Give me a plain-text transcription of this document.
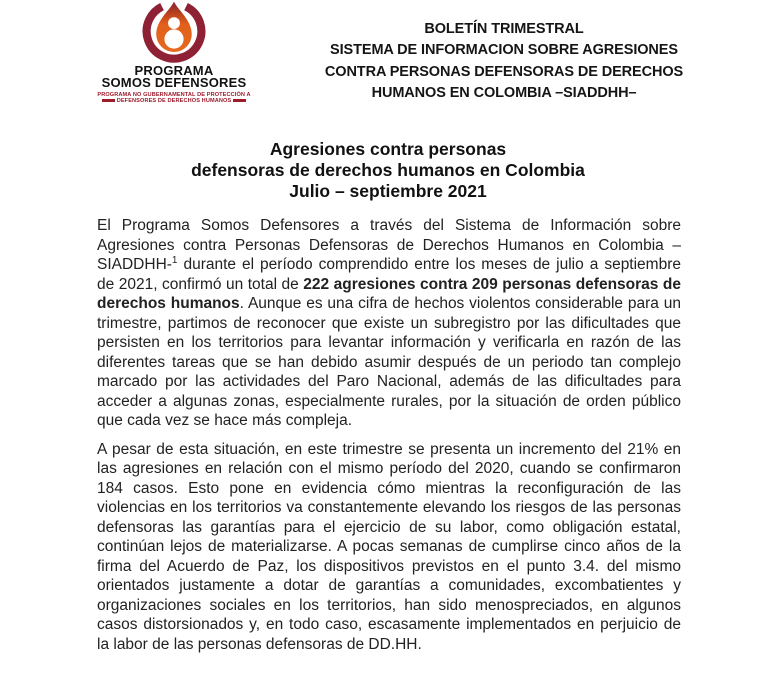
PROGRAMA
SOMOS DEFENSORES
PROGRAMA NO GUBERNAMENTAL DE PROTECCIÓN A
DEFENSORES DE DERECHOS HUMANOS
BOLETÍN TRIMESTRAL
SISTEMA DE INFORMACION SOBRE AGRESIONES
CONTRA PERSONAS DEFENSORAS DE DERECHOS
HUMANOS EN COLOMBIA –SIADDHH–
Agresiones contra personas
defensoras de derechos humanos en Colombia
Julio – septiembre 2021

El Programa Somos Defensores a través del Sistema de Información sobre Agresiones contra Personas Defensoras de Derechos Humanos en Colombia – SIADDHH-$^1$ durante el período comprendido entre los meses de julio a septiembre de 2021, confirmó un total de 222 agresiones contra 209 personas defensoras de derechos humanos. Aunque es una cifra de hechos violentos considerable para un trimestre, partimos de reconocer que existe un subregistro por las dificultades que persisten en los territorios para levantar información y verificarla en razón de las diferentes tareas que se han debido asumir después de un periodo tan complejo marcado por las actividades del Paro Nacional, además de las dificultades para acceder a algunas zonas, especialmente rurales, por la situación de orden público que cada vez se hace más compleja.

A pesar de esta situación, en este trimestre se presenta un incremento del 21% en las agresiones en relación con el mismo período del 2020, cuando se confirmaron 184 casos. Esto pone en evidencia cómo mientras la reconfiguración de las violencias en los territorios va constantemente elevando los riesgos de las personas defensoras las garantías para el ejercicio de su labor, como obligación estatal, continúan lejos de materializarse. A pocas semanas de cumplirse cinco años de la firma del Acuerdo de Paz, los dispositivos previstos en el punto 3.4. del mismo orientados justamente a dotar de garantías a comunidades, excombatientes y organizaciones sociales en los territorios, han sido menospreciados, en algunos casos distorsionados y, en todo caso, escasamente implementados en perjuicio de la labor de las personas defensoras de DD.HH.
